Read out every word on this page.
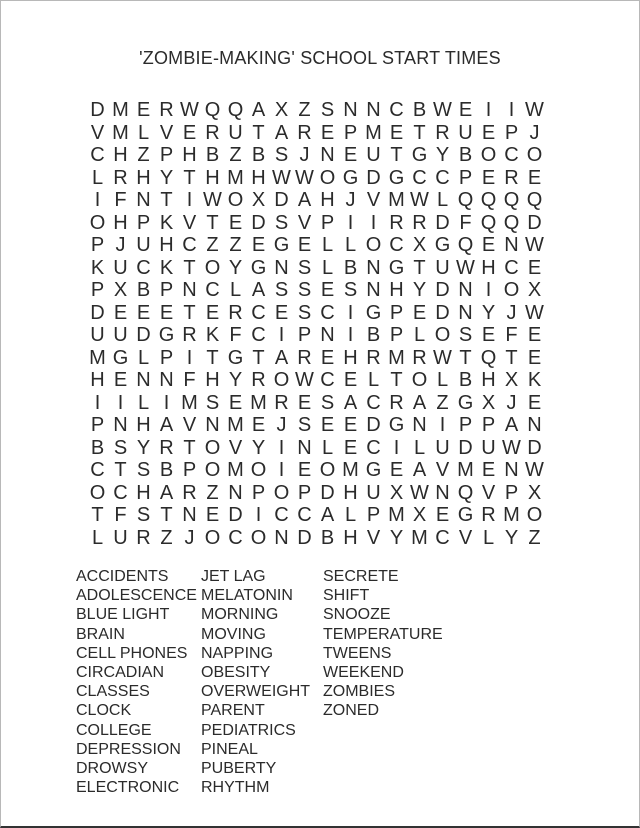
'ZOMBIE-MAKING' SCHOOL START TIMES
D M E R W Q Q A X Z S N N C B W E I I W
V M L V E R U T A R E P M E T R U E P J
C H Z P H B Z B S J N E U T G Y B O C O
L R H Y T H M H W W O G D G C C P E R E
I F N T I W O X D A H J V M W L Q Q Q Q
O H P K V T E D S V P I I R R D F Q Q D
P J U H C Z Z E G E L L O C X G Q E N W
K U C K T O Y G N S L B N G T U W H C E
P X B P N C L A S S E S N H Y D N I O X
D E E E T E R C E S C I G P E D N Y J W
U U D G R K F C I P N I B P L O S E F E
M G L P I T G T A R E H R M R W T Q T E
H E N N F H Y R O W C E L T O L B H X K
I I L I M S E M R E S A C R A Z G X J E
P N H A V N M E J S E E D G N I P P A N
B S Y R T O V Y I N L E C I L U D U W D
C T S B P O M O I E O M G E A V M E N W
O C H A R Z N P O P D H U X W N Q V P X
T F S T N E D I C C A L P M X E G R M O
L U R Z J O C O N D B H V Y M C V L Y Z
ACCIDENTS
ADOLESCENCE
BLUE LIGHT
BRAIN
CELL PHONES
CIRCADIAN
CLASSES
CLOCK
COLLEGE
DEPRESSION
DROWSY
ELECTRONIC
JET LAG
MELATONIN
MORNING
MOVING
NAPPING
OBESITY
OVERWEIGHT
PARENT
PEDIATRICS
PINEAL
PUBERTY
RHYTHM
SECRETE
SHIFT
SNOOZE
TEMPERATURE
TWEENS
WEEKEND
ZOMBIES
ZONED
